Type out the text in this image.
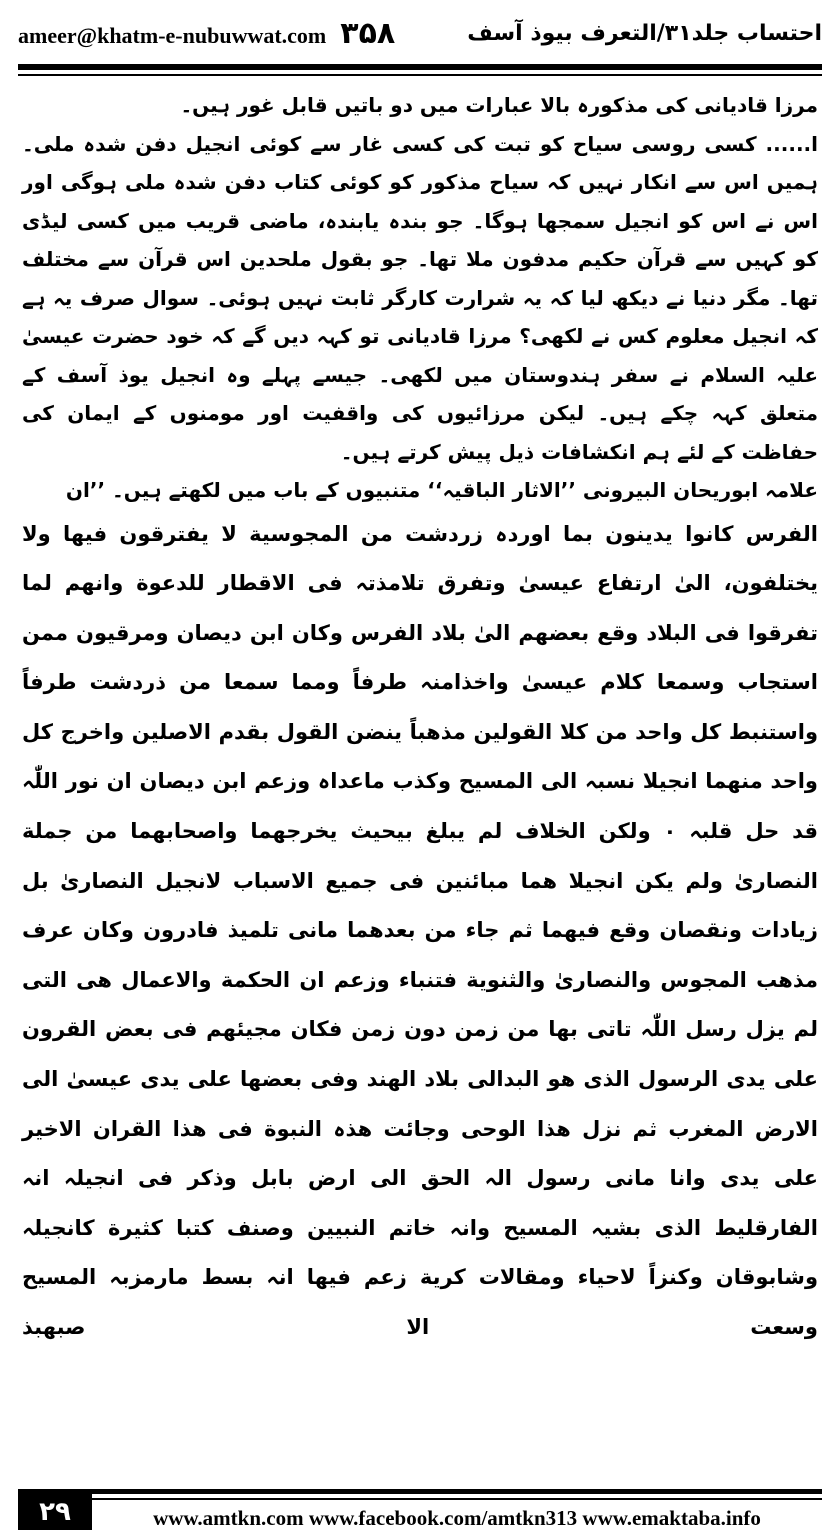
ameer@khatm-e-nubuwwat.com ۳۵۸	احتساب جلد۳۱/التعرف بیوذ آسف

مرزا قادیانی کی مذکورہ بالا عبارات میں دو باتیں قابل غور ہیں۔

ا...... کسی روسی سیاح کو تبت کی کسی غار سے کوئی انجیل دفن شدہ ملی۔ ہمیں اس سے انکار نہیں کہ سیاح مذکور کو کوئی کتاب دفن شدہ ملی ہوگی اور اس نے اس کو انجیل سمجھا ہوگا۔ جو بندہ یابندہ، ماضی قریب میں کسی لیڈی کو کہیں سے قرآن حکیم مدفون ملا تھا۔ جو بقول ملحدین اس قرآن سے مختلف تھا۔ مگر دنیا نے دیکھ لیا کہ یہ شرارت کارگر ثابت نہیں ہوئی۔ سوال صرف یہ ہے کہ انجیل معلوم کس نے لکھی؟ مرزا قادیانی تو کہہ دیں گے کہ خود حضرت عیسیٰ علیہ السلام نے سفر ہندوستان میں لکھی۔ جیسے پہلے وہ انجیل یوذ آسف کے متعلق کہہ چکے ہیں۔ لیکن مرزائیوں کی واقفیت اور مومنوں کے ایمان کی حفاظت کے لئے ہم انکشافات ذیل پیش کرتے ہیں۔

علامہ ابوریحان البیرونی ’’الاثار الباقیہ‘‘ متنبیوں کے باب میں لکھتے ہیں۔ ’’ان

الفرس کانوا یدینون بما اوردہ زردشت من المجوسیة لا یفترقون فیھا ولا یختلفون، الیٰ ارتفاع عیسیٰ وتفرق تلامذتہ فی الاقطار للدعوة وانھم لما تفرقوا فی البلاد وقع بعضھم الیٰ بلاد الفرس وکان ابن دیصان ومرقیون ممن استجاب وسمعا کلام عیسیٰ واخذامنہ طرفاً ومما سمعا من ذردشت طرفاً واستنبط کل واحد من کلا القولین مذھباً ینضن القول بقدم الاصلین واخرج کل واحد منھما انجیلا نسبہ الی المسیح وکذب ماعداہ وزعم ابن دیصان ان نور اللّٰہ قد حل قلبہ ٠ ولکن الخلاف لم یبلغ بیحیث یخرجھما واصحابھما من جملة النصاریٰ ولم یکن انجیلا ھما مبائنین فی جمیع الاسباب لانجیل النصاریٰ بل زیادات ونقصان وقع فیھما ثم جاء من بعدھما مانی تلمیذ فادرون وکان عرف مذھب المجوس والنصاریٰ والثنویة فتنباء وزعم ان الحکمة والاعمال ھی التی لم یزل رسل اللّٰہ تاتی بھا من زمن دون زمن فکان مجیئھم فی بعض القرون علی یدی الرسول الذی ھو البدالی بلاد الھند وفی بعضھا علی یدی عیسیٰ الی الارض المغرب ثم نزل ھذا الوحی وجائت ھذہ النبوة فی ھذا القران الاخیر علی یدی وانا مانی رسول الہ الحق الی ارض بابل وذکر فی انجیلہ انہ الفارقلیط الذی بشیہ المسیح وانہ خاتم النبیین وصنف کتبا کثیرة کانجیلہ وشابوقان وکنزاً لاحیاء ومقالات کریة زعم فیھا انہ بسط مارمزبہ المسیح وسعت الا صبھبذ

۲۹	www.amtkn.com www.facebook.com/amtkn313 www.emaktaba.info
